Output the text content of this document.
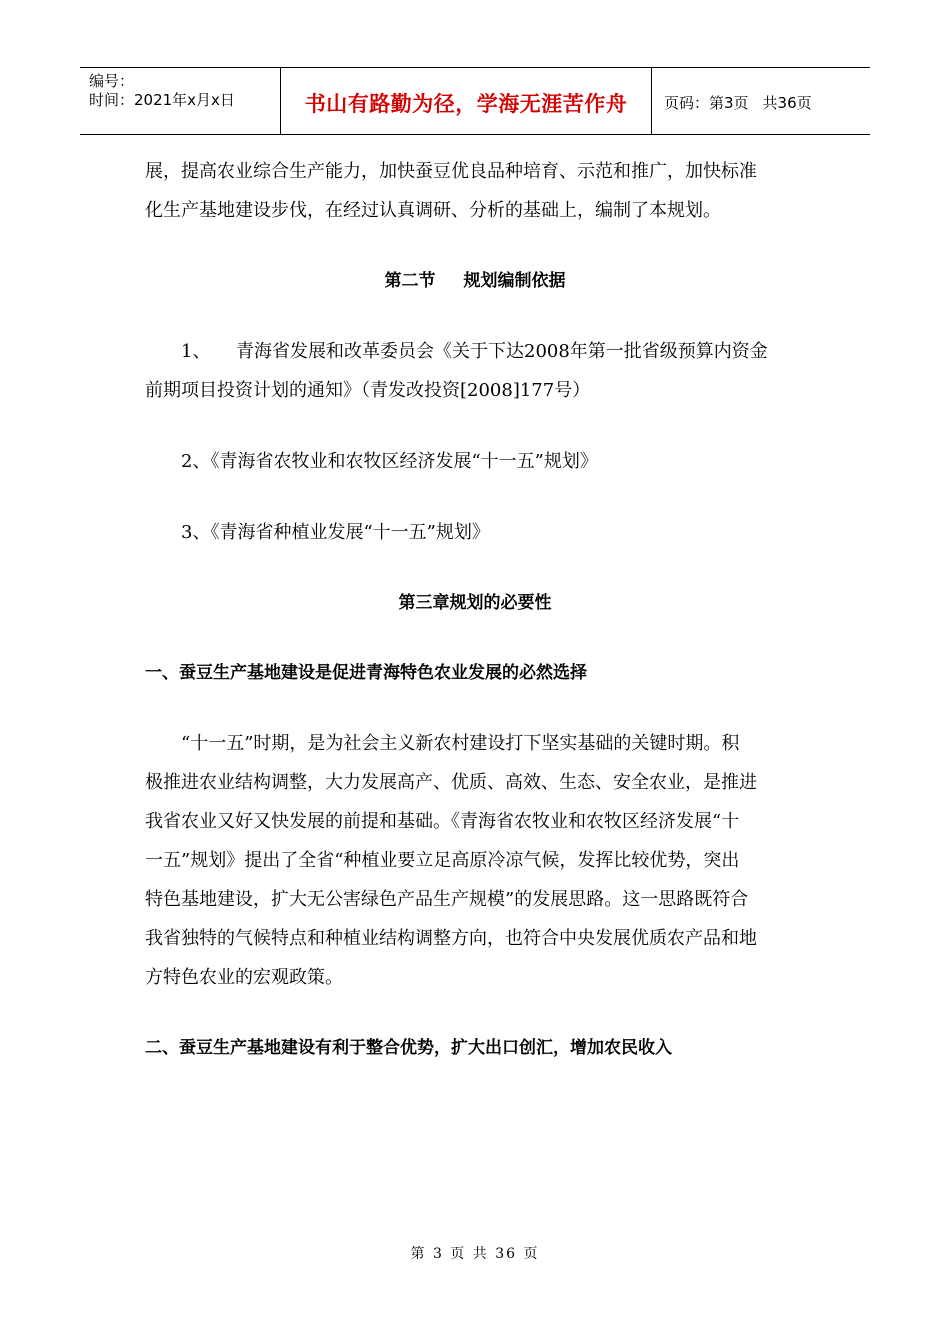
编号：
时间：2021年x月x日	书山有路勤为径，学海无涯苦作舟	页码：第3页 共36页

展，提高农业综合生产能力，加快蚕豆优良品种培育、示范和推广，加快标准

化生产基地建设步伐，在经过认真调研、分析的基础上，编制了本规划。

第二节 规划编制依据

1、 青海省发展和改革委员会《关于下达2008年第一批省级预算内资金

前期项目投资计划的通知》（青发改投资[2008]177号）

2、《青海省农牧业和农牧区经济发展“十一五”规划》

3、《青海省种植业发展“十一五”规划》

第三章规划的必要性

一、蚕豆生产基地建设是促进青海特色农业发展的必然选择

“十一五”时期，是为社会主义新农村建设打下坚实基础的关键时期。积

极推进农业结构调整，大力发展高产、优质、高效、生态、安全农业，是推进

我省农业又好又快发展的前提和基础。《青海省农牧业和农牧区经济发展“十

一五”规划》提出了全省“种植业要立足高原冷凉气候，发挥比较优势，突出

特色基地建设，扩大无公害绿色产品生产规模”的发展思路。这一思路既符合

我省独特的气候特点和种植业结构调整方向，也符合中央发展优质农产品和地

方特色农业的宏观政策。

二、蚕豆生产基地建设有利于整合优势，扩大出口创汇，增加农民收入

第 3 页 共 36 页
